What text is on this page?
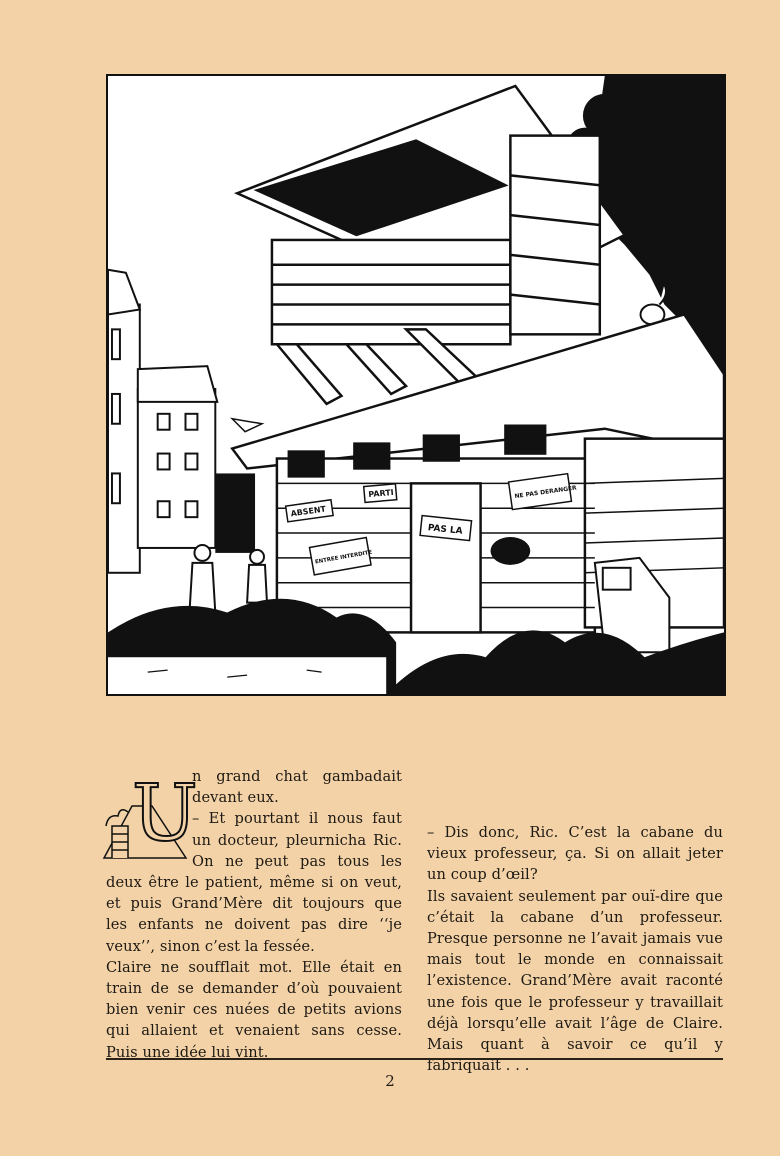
ABSENT
PARTI
PAS LA
NE PAS DERANGER
ENTREE INTERDITE
U

n grand chat gambadait devant eux.

– Et pourtant il nous faut un docteur, pleurnicha Ric. On ne peut pas tous les deux être le patient, même si on veut, et puis Grand’Mère dit toujours que les enfants ne doivent pas dire ‘‘je veux’’, sinon c’est la fessée.

Claire ne soufflait mot. Elle était en train de se demander d’où pouvaient bien venir ces nuées de petits avions qui allaient et venaient sans cesse. Puis une idée lui vint.

– Dis donc, Ric. C’est la cabane du vieux professeur, ça. Si on allait jeter un coup d’œil?

Ils savaient seulement par ouï-dire que c’était la cabane d’un professeur. Presque personne ne l’avait jamais vue mais tout le monde en connaissait l’existence. Grand’Mère avait raconté une fois que le professeur y travaillait déjà lorsqu’elle avait l’âge de Claire. Mais quant à savoir ce qu’il y fabriquait . . .

2
